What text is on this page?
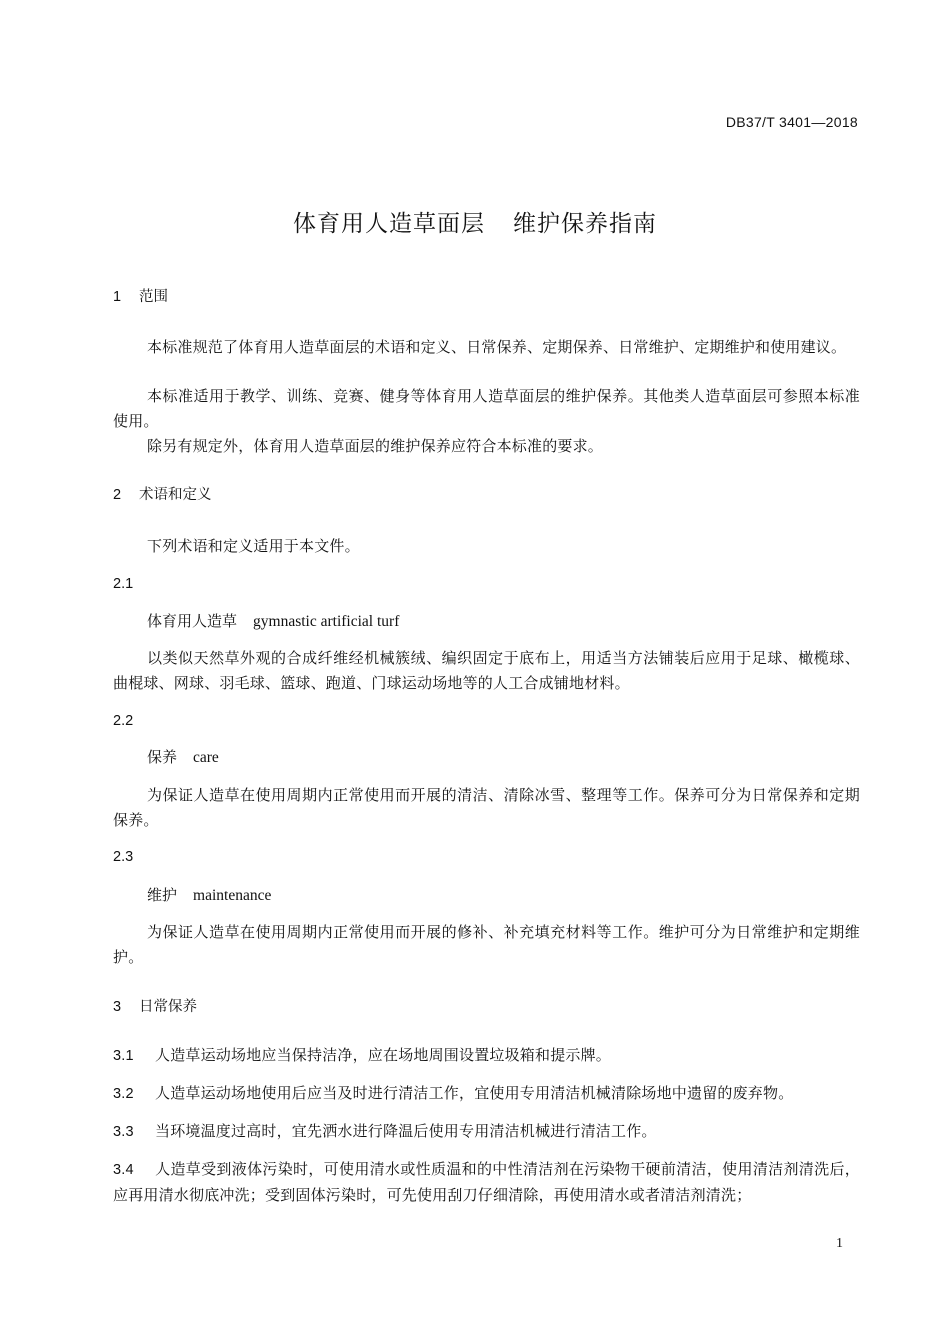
DB37/T 3401—2018
体育用人造草面层 维护保养指南
1 范围
本标准规范了体育用人造草面层的术语和定义、日常保养、定期保养、日常维护、定期维护和使用建议。
本标准适用于教学、训练、竞赛、健身等体育用人造草面层的维护保养。其他类人造草面层可参照本标准使用。
除另有规定外，体育用人造草面层的维护保养应符合本标准的要求。
2 术语和定义
下列术语和定义适用于本文件。
2.1
体育用人造草 gymnastic artificial turf
以类似天然草外观的合成纤维经机械簇绒、编织固定于底布上，用适当方法铺装后应用于足球、橄榄球、曲棍球、网球、羽毛球、篮球、跑道、门球运动场地等的人工合成铺地材料。
2.2
保养 care
为保证人造草在使用周期内正常使用而开展的清洁、清除冰雪、整理等工作。保养可分为日常保养和定期保养。
2.3
维护 maintenance
为保证人造草在使用周期内正常使用而开展的修补、补充填充材料等工作。维护可分为日常维护和定期维护。
3 日常保养
3.1 人造草运动场地应当保持洁净，应在场地周围设置垃圾箱和提示牌。
3.2 人造草运动场地使用后应当及时进行清洁工作，宜使用专用清洁机械清除场地中遗留的废弃物。
3.3 当环境温度过高时，宜先洒水进行降温后使用专用清洁机械进行清洁工作。
3.4 人造草受到液体污染时，可使用清水或性质温和的中性清洁剂在污染物干硬前清洁，使用清洁剂清洗后，应再用清水彻底冲洗；受到固体污染时，可先使用刮刀仔细清除，再使用清水或者清洁剂清洗；
1
